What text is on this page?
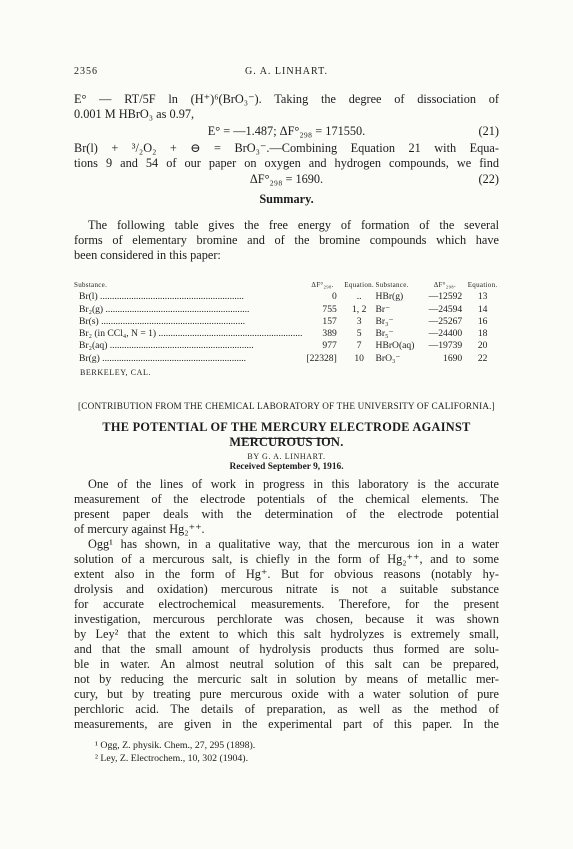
2356	G. A. LINHART.
E° — RT/5F ln (H⁺)⁶(BrO₃⁻). Taking the degree of dissociation of
0.001 M HBrO₃ as 0.97,
E° = —1.487; ΔF°₂₉₈ = 171550.	(21)
Br(l) + ³/₂O₂ + ⊖ = BrO₃⁻.—Combining Equation 21 with Equa-
tions 9 and 54 of our paper on oxygen and hydrogen compounds, we find
ΔF°₂₉₈ = 1690.	(22)
Summary.
The following table gives the free energy of formation of the several
forms of elementary bromine and of the bromine compounds which have
been considered in this paper:
Substance.	ΔF°₂₉₈.	Equation.	Substance.	ΔF°₂₉₈.	Equation.
Br(l) ............................................................	0	..	HBr(g)	—12592	13
Br₂(g) ............................................................	755	1, 2	Br⁻	—24594	14
Br(s) ............................................................	157	3	Br₃⁻	—25267	16
Br₂ (in CCl₄, N = 1) ............................................................	389	5	Br₅⁻	—24400	18
Br₂(aq) ............................................................	977	7	HBrO(aq)	—19739	20
Br(g) ............................................................	[22328]	10	BrO₃⁻	1690	22
BERKELEY, CAL.
[CONTRIBUTION FROM THE CHEMICAL LABORATORY OF THE UNIVERSITY OF CALIFORNIA.]
THE POTENTIAL OF THE MERCURY ELECTRODE AGAINST
MERCUROUS ION.
BY G. A. LINHART.
Received September 9, 1916.
One of the lines of work in progress in this laboratory is the accurate
measurement of the electrode potentials of the chemical elements. The
present paper deals with the determination of the electrode potential
of mercury against Hg₂⁺⁺.
Ogg¹ has shown, in a qualitative way, that the mercurous ion in a water
solution of a mercurous salt, is chiefly in the form of Hg₂⁺⁺, and to some
extent also in the form of Hg⁺. But for obvious reasons (notably hy-
drolysis and oxidation) mercurous nitrate is not a suitable substance
for accurate electrochemical measurements. Therefore, for the present
investigation, mercurous perchlorate was chosen, because it was shown
by Ley² that the extent to which this salt hydrolyzes is extremely small,
and that the small amount of hydrolysis products thus formed are solu-
ble in water. An almost neutral solution of this salt can be prepared,
not by reducing the mercuric salt in solution by means of metallic mer-
cury, but by treating pure mercurous oxide with a water solution of pure
perchloric acid. The details of preparation, as well as the method of
measurements, are given in the experimental part of this paper. In the
¹ Ogg, Z. physik. Chem., 27, 295 (1898).
² Ley, Z. Electrochem., 10, 302 (1904).
